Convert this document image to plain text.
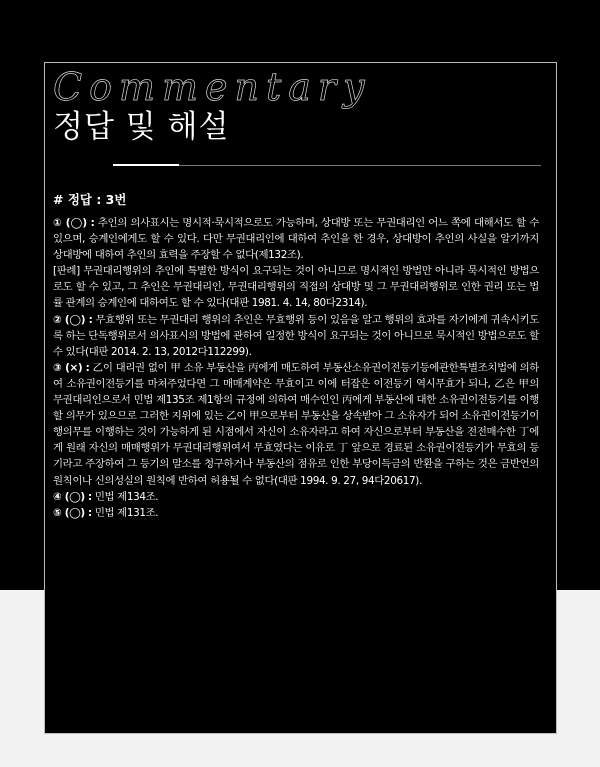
Commentary
정답 및 해설
# 정답 : 3번

① (◯) : 추인의 의사표시는 명시적·묵시적으로도 가능하며, 상대방 또는 무권대리인 어느 쪽에 대해서도 할 수 있으며, 승계인에게도 할 수 있다. 다만 무권대리인에 대하여 추인을 한 경우, 상대방이 추인의 사실을 알기까지 상대방에 대하여 추인의 효력을 주장할 수 없다(제132조).

[판례] 무권대리행위의 추인에 특별한 방식이 요구되는 것이 아니므로 명시적인 방법만 아니라 묵시적인 방법으로도 할 수 있고, 그 추인은 무권대리인, 무권대리행위의 직접의 상대방 및 그 무권대리행위로 인한 권리 또는 법률 관계의 승계인에 대하여도 할 수 있다(대판 1981. 4. 14, 80다2314).

② (◯) : 무효행위 또는 무권대리 행위의 추인은 무효행위 등이 있음을 알고 행위의 효과를 자기에게 귀속시키도록 하는 단독행위로서 의사표시의 방법에 관하여 일정한 방식이 요구되는 것이 아니므로 묵시적인 방법으로도 할 수 있다(대판 2014. 2. 13, 2012다112299).

③ (×) : 乙이 대리권 없이 甲 소유 부동산을 丙에게 매도하여 부동산소유권이전등기등에관한특별조치법에 의하여 소유권이전등기를 마쳐주었다면 그 매매계약은 무효이고 이에 터잡은 이전등기 역시무효가 되나, 乙은 甲의 무권대리인으로서 민법 제135조 제1항의 규정에 의하여 매수인인 丙에게 부동산에 대한 소유권이전등기를 이행할 의무가 있으므로 그러한 지위에 있는 乙이 甲으로부터 부동산을 상속받아 그 소유자가 되어 소유권이전등기이행의무를 이행하는 것이 가능하게 된 시점에서 자신이 소유자라고 하여 자신으로부터 부동산을 전전매수한 丁에게 원래 자신의 매매행위가 무권대리행위여서 무효였다는 이유로 丁 앞으로 경료된 소유권이전등기가 무효의 등기라고 주장하여 그 등기의 말소를 청구하거나 부동산의 점유로 인한 부당이득금의 반환을 구하는 것은 금반언의 원칙이나 신의성실의 원칙에 반하여 허용될 수 없다(대판 1994. 9. 27, 94다20617).

④ (◯) : 민법 제134조.

⑤ (◯) : 민법 제131조.
